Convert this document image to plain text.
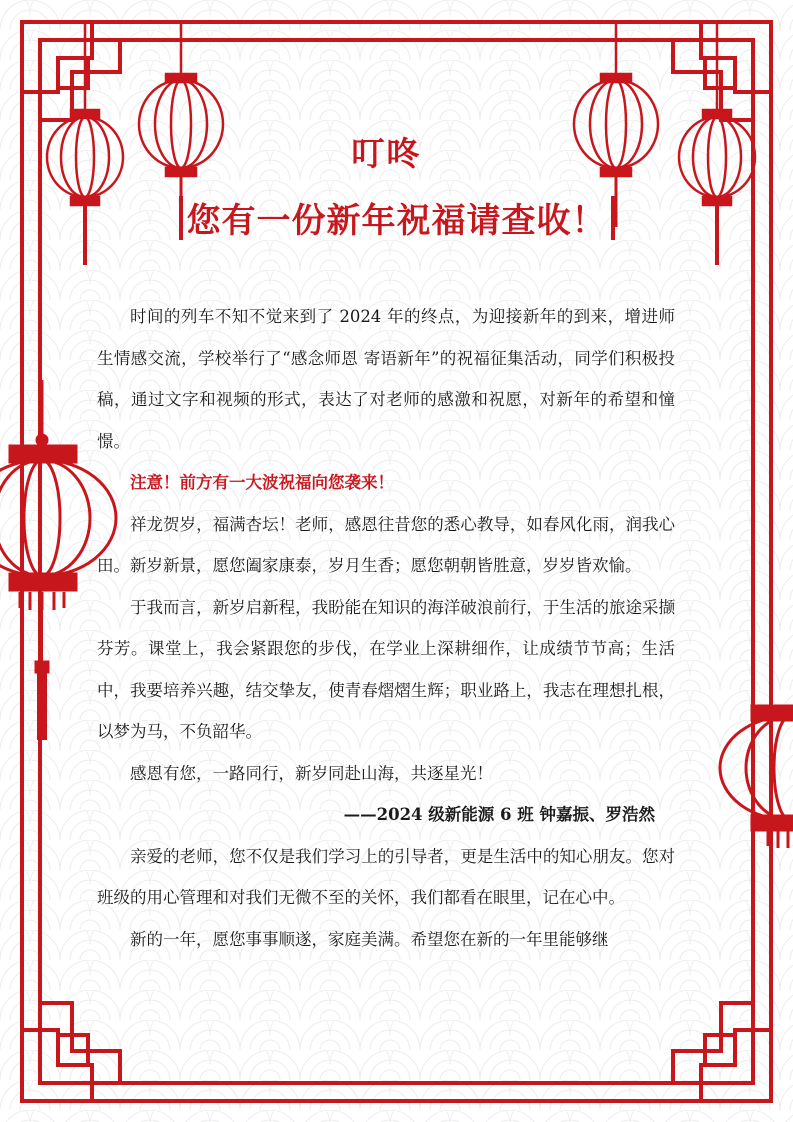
叮咚
您有一份新年祝福请查收！

时间的列车不知不觉来到了 2024 年的终点，为迎接新年的到来，增进师生情感交流，学校举行了“感念师恩 寄语新年”的祝福征集活动，同学们积极投稿，通过文字和视频的形式，表达了对老师的感激和祝愿，对新年的希望和憧憬。

注意！前方有一大波祝福向您袭来！

祥龙贺岁，福满杏坛！老师，感恩往昔您的悉心教导，如春风化雨，润我心田。新岁新景，愿您阖家康泰，岁月生香；愿您朝朝皆胜意，岁岁皆欢愉。

于我而言，新岁启新程，我盼能在知识的海洋破浪前行，于生活的旅途采撷芬芳。课堂上，我会紧跟您的步伐，在学业上深耕细作，让成绩节节高；生活中，我要培养兴趣，结交挚友，使青春熠熠生辉；职业路上，我志在理想扎根，以梦为马，不负韶华。

感恩有您，一路同行，新岁同赴山海，共逐星光！

——2024 级新能源 6 班 钟嘉振、罗浩然

亲爱的老师，您不仅是我们学习上的引导者，更是生活中的知心朋友。您对班级的用心管理和对我们无微不至的关怀，我们都看在眼里，记在心中。

新的一年，愿您事事顺遂，家庭美满。希望您在新的一年里能够继
